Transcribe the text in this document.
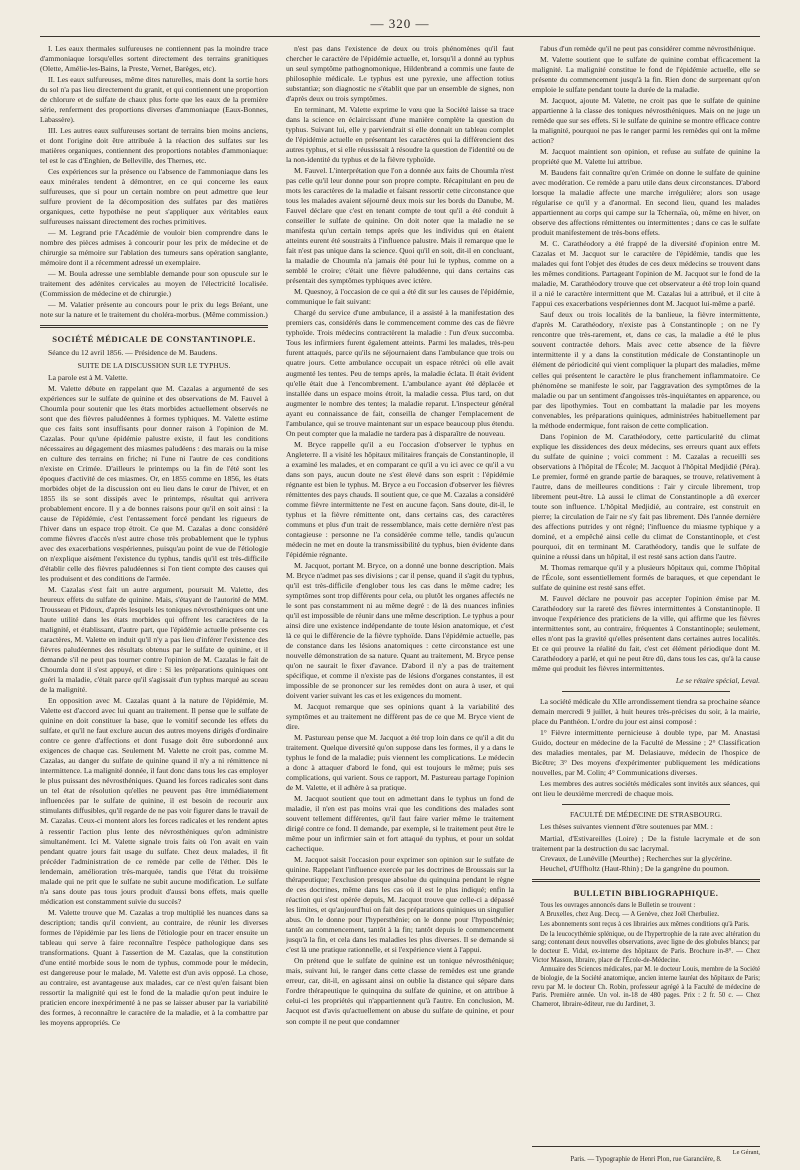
— 320 —

I. Les eaux thermales sulfureuses ne contiennent pas la moindre trace d'ammoniaque lorsqu'elles sortent directement des terrains granitiques (Olette, Amélie-les-Bains, la Preste, Vernet, Barèges, etc).

II. Les eaux sulfureuses, même dites naturelles, mais dont la sortie hors du sol n'a pas lieu directement du granit, et qui contiennent une proportion de chlorure et de sulfate de chaux plus forte que les eaux de la première série, renferment des proportions diverses d'ammoniaque (Eaux-Bonnes, Labassère).

III. Les autres eaux sulfureuses sortant de terrains bien moins anciens, et dont l'origine doit être attribuée à la réaction des sulfates sur les matières organiques, contiennent des proportions notables d'ammoniaque: tel est le cas d'Enghien, de Belleville, des Thernes, etc.

Ces expériences sur la présence ou l'absence de l'ammoniaque dans les eaux minérales tendent à démontrer, en ce qui concerne les eaux sulfureuses, que si pour un certain nombre on peut admettre que leur sulfure provient de la décomposition des sulfates par des matières organiques, cette hypothèse ne peut s'appliquer aux véritables eaux sulfureuses naissant directement des roches primitives.

— M. Legrand prie l'Académie de vouloir bien comprendre dans le nombre des pièces admises à concourir pour les prix de médecine et de chirurgie sa mémoire sur l'ablation des tumeurs sans opération sanglante, mémoire dont il a récemment adressé un exemplaire.

— M. Boula adresse une semblable demande pour son opuscule sur le traitement des adénites cervicales au moyen de l'électricité localisée. (Commission de médecine et de chirurgie.)

— M. Valatier présente au concours pour le prix du legs Bréant, une note sur la nature et le traitement du choléra-morbus. (Même commission.)

SOCIÉTÉ MÉDICALE DE CONSTANTINOPLE.

Séance du 12 avril 1856. — Présidence de M. Baudens.

SUITE DE LA DISCUSSION SUR LE TYPHUS.

La parole est à M. Valette.

M. Valette débute en rappelant que M. Cazalas a argumenté de ses expériences sur le sulfate de quinine et des observations de M. Fauvel à Choumla pour soutenir que les états morbides actuellement observés ne sont que des fièvres paludéennes à formes typhiques. M. Valette estime que ces faits sont insuffisants pour donner raison à l'opinion de M. Cazalas. Pour qu'une épidémie palustre existe, il faut les conditions nécessaires au dégagement des miasmes paludéens : des marais ou la mise en culture des terrains en friche; ni l'une ni l'autre de ces conditions n'existe en Crimée. D'ailleurs le printemps ou la fin de l'été sont les époques d'activité de ces miasmes. Or, en 1855 comme en 1856, les états morbides objet de la discussion ont eu lieu dans le cœur de l'hiver, et en 1855 ils se sont dissipés avec le printemps, résultat qui arrivera probablement encore. Il y a de bonnes raisons pour qu'il en soit ainsi : la cause de l'épidémie, c'est l'entassement forcé pendant les rigueurs de l'hiver dans un espace trop étroit. Ce que M. Cazalas a donc considéré comme fièvres d'accès n'est autre chose très probablement que le typhus avec des exacerbations vespériennes, puisqu'au point de vue de l'étiologie on n'explique aisément l'existence du typhus, tandis qu'il est très-difficile d'établir celle des fièvres paludéennes si l'on tient compte des causes qui les produisent et des conditions de l'armée.

M. Cazalas s'est fait un autre argument, poursuit M. Valette, des heureux effets du sulfate de quinine. Mais, s'étayant de l'autorité de MM. Trousseau et Pidoux, d'après lesquels les toniques névrosthéniques ont une haute utilité dans les états morbides qui offrent les caractères de la malignité, et établissant, d'autre part, que l'épidémie actuelle présente ces caractères, M. Valette en induit qu'il n'y a pas lieu d'inférer l'existence des fièvres paludéennes des résultats obtenus par le sulfate de quinine, et il demande s'il ne peut pas tourner contre l'opinion de M. Cazalas le fait de Choumla dont il s'est appuyé, et dire : Si les préparations quiniques ont guéri la maladie, c'était parce qu'il s'agissait d'un typhus marqué au sceau de la malignité.

En opposition avec M. Cazalas quant à la nature de l'épidémie, M. Valette est d'accord avec lui quant au traitement. Il pense que le sulfate de quinine en doit constituer la base, que le vomitif seconde les effets du sulfate, et qu'il ne faut exclure aucun des autres moyens dirigés d'ordinaire contre ce genre d'affections et dont l'usage doit être subordonné aux exigences de chaque cas. Seulement M. Valette ne croit pas, comme M. Cazalas, au danger du sulfate de quinine quand il n'y a ni rémittence ni intermittence. La malignité donnée, il faut donc dans tous les cas employer le plus puissant des névrosthéniques. Quand les forces radicales sont dans un tel état de résolution qu'elles ne peuvent pas être immédiatement influencées par le sulfate de quinine, il est besoin de recourir aux stimulants diffusibles, qu'il regarde de ne pas voir figurer dans le travail de M. Cazalas. Ceux-ci montent alors les forces radicales et les rendent aptes à ressentir l'action plus lente des névrosthéniques qu'on administre simultanément. Ici M. Valette signale trois faits où l'on avait en vain pendant quatre jours fait usage du sulfate. Chez deux malades, il fit précéder l'administration de ce remède par celle de l'éther. Dès le lendemain, amélioration très-marquée, tandis que l'état du troisième malade qui ne prit que le sulfate ne subit aucune modification. Le sulfate n'a sans doute pas tous jours produit d'aussi bons effets, mais quelle médication est constamment suivie du succès?

M. Valette trouve que M. Cazalas a trop multiplié les nuances dans sa description; tandis qu'il convient, au contraire, de réunir les diverses formes de l'épidémie par les liens de l'étiologie pour en tracer ensuite un tableau qui serve à faire reconnaître l'espèce pathologique dans ses transformations. Quant à l'assertion de M. Cazalas, que la constitution d'une entité morbide sous le nom de typhus, commode pour le médecin, est dangereuse pour le malade, M. Valette est d'un avis opposé. La chose, au contraire, est avantageuse aux malades, car ce n'est qu'en faisant bien ressortir la malignité qui est le fond de la maladie qu'on peut induire le praticien encore inexpérimenté à ne pas se laisser abuser par la variabilité des formes, à reconnaître le caractère de la maladie, et à la combattre par les moyens appropriés. Ce

n'est pas dans l'existence de deux ou trois phénomènes qu'il faut chercher le caractère de l'épidémie actuelle, et, lorsqu'il a donné au typhus un seul symptôme pathognomonique, Hildenbrand a commis une faute de philosophie médicale. Le typhus est une pyrexie, une affection totius substantiæ; son diagnostic ne s'établit que par un ensemble de signes, non d'après deux ou trois symptômes.

En terminant, M. Valette exprime le vœu que la Société laisse sa trace dans la science en éclaircissant d'une manière complète la question du typhus. Suivant lui, elle y parviendrait si elle donnait un tableau complet de l'épidémie actuelle en présentant les caractères qui la différencient des autres typhus, et si elle réussissait à résoudre la question de l'identité ou de la non-identité du typhus et de la fièvre typhoïde.

M. Fauvel. L'interprétation que l'on a donnée aux faits de Choumla n'est pas celle qu'il leur donne pour son propre compte. Récapitulant en peu de mots les caractères de la maladie et faisant ressortir cette circonstance que tous les malades avaient séjourné deux mois sur les bords du Danube, M. Fauvel déclare que c'est en tenant compte de tout qu'il a été conduit à conseiller le sulfate de quinine. On doit noter que la maladie ne se manifesta qu'un certain temps après que les individus qui en étaient atteints eurent été soustraits à l'influence palustre. Mais il remarque que le fait n'est pas unique dans la science. Quoi qu'il en soit, dit-il en concluant, la maladie de Choumla n'a jamais été pour lui le typhus, comme on a semblé le croire; c'était une fièvre paludéenne, qui dans certains cas présentait des symptômes typhiques avec ictère.

M. Quesnoy, à l'occasion de ce qui a été dit sur les causes de l'épidémie, communique le fait suivant:

Chargé du service d'une ambulance, il a assisté à la manifestation des premiers cas, considérés dans le commencement comme des cas de fièvre typhoïde. Trois médecins contractèrent la maladie : l'un d'eux succomba. Tous les infirmiers furent également atteints. Parmi les malades, très-peu furent attaqués, parce qu'ils ne séjournaient dans l'ambulance que trois ou quatre jours. Cette ambulance occupait un espace rétréci où elle avait augmenté les tentes. Peu de temps après, la maladie éclata. Il était évident qu'elle était due à l'encombrement. L'ambulance ayant été déplacée et installée dans un espace moins étroit, la maladie cessa. Plus tard, on dut augmenter le nombre des tentes; la maladie reparut. L'inspecteur général ayant eu connaissance de fait, conseilla de changer l'emplacement de l'ambulance, qui se trouve maintenant sur un espace beaucoup plus étendu. On peut compter que la maladie ne tardera pas à disparaître de nouveau.

M. Bryce rappelle qu'il a eu l'occasion d'observer le typhus en Angleterre. Il a visité les hôpitaux militaires français de Constantinople, il a examiné les malades, et en comparant ce qu'il a vu ici avec ce qu'il a vu dans son pays, aucun doute ne s'est élevé dans son esprit : l'épidémie régnante est bien le typhus. M. Bryce a eu l'occasion d'observer les fièvres rémittentes des pays chauds. Il soutient que, ce que M. Cazalas a considéré comme fièvre intermittente ne l'est en aucune façon. Sans doute, dit-il, le typhus et la fièvre rémittente ont, dans certains cas, des caractères communs et plus d'un trait de ressemblance, mais cette dernière n'est pas contagieuse : personne ne l'a considérée comme telle, tandis qu'aucun médecin ne met en doute la transmissibilité du typhus, bien évidente dans l'épidémie régnante.

M. Jacquot, portant M. Bryce, on a donné une bonne description. Mais M. Bryce n'admet pas ses divisions ; car il pense, quand il s'agit du typhus, qu'il est très-difficile d'englober tous les cas dans le même cadre; les symptômes sont trop différents pour cela, ou plutôt les organes affectés ne le sont pas constamment ni au même degré : de là des nuances infinies qu'il est impossible de réunir dans une même description. Le typhus a pour ainsi dire une existence indépendante de toute lésion anatomique, et c'est là ce qui le différencie de la fièvre typhoïde. Dans l'épidémie actuelle, pas de constance dans les lésions anatomiques : cette circonstance est une nouvelle démonstration de sa nature. Quant au traitement, M. Bryce pense qu'on ne saurait le fixer d'avance. D'abord il n'y a pas de traitement spécifique, et comme il n'existe pas de lésions d'organes constantes, il est impossible de se prononcer sur les remèdes dont on aura à user, et qui doivent varier suivant les cas et les exigences du moment.

M. Jacquot remarque que ses opinions quant à la variabilité des symptômes et au traitement ne diffèrent pas de ce que M. Bryce vient de dire.

M. Pastureau pense que M. Jacquot a été trop loin dans ce qu'il a dit du traitement. Quelque diversité qu'on suppose dans les formes, il y a dans le typhus le fond de la maladie; puis viennent les complications. Le médecin a donc à attaquer d'abord le fond, qui est toujours le même; puis ses complications, qui varient. Sous ce rapport, M. Pastureau partage l'opinion de M. Valette, et il adhère à sa pratique.

M. Jacquot soutient que tout en admettant dans le typhus un fond de maladie, il n'en est pas moins vrai que les conditions des malades sont souvent tellement différentes, qu'il faut faire varier même le traitement dirigé contre ce fond. Il demande, par exemple, si le traitement peut être le même pour un infirmier sain et fort attaqué du typhus, et pour un soldat cachectique.

M. Jacquot saisit l'occasion pour exprimer son opinion sur le sulfate de quinine. Rappelant l'influence exercée par les doctrines de Broussais sur la thérapeutique; l'exclusion presque absolue du quinquina pendant le règne de ces doctrines, même dans les cas où il est le plus indiqué; enfin la réaction qui s'est opérée depuis, M. Jacquot trouve que celle-ci a dépassé les limites, et qu'aujourd'hui on fait des préparations quiniques un singulier abus. On le donne pour l'hypersthénie; on le donne pour l'hyposthénie; tantôt au commencement, tantôt à la fin; tantôt depuis le commencement jusqu'à la fin, et cela dans les maladies les plus diverses. Il se demande si c'est là une pratique rationnelle, et si l'expérience vient à l'appui.

On prétend que le sulfate de quinine est un tonique névrosthénique; mais, suivant lui, le ranger dans cette classe de remèdes est une grande erreur, car, dit-il, en agissant ainsi on oublie la distance qui sépare dans l'ordre thérapeutique le quinquina du sulfate de quinine, et on attribue à celui-ci les propriétés qui n'appartiennent qu'à l'autre. En conclusion, M. Jacquot est d'avis qu'actuellement on abuse du sulfate de quinine, et pour son compte il ne peut que condamner

l'abus d'un remède qu'il ne peut pas considérer comme névrosthénique.

M. Valette soutient que le sulfate de quinine combat efficacement la malignité. La malignité constitue le fond de l'épidémie actuelle, elle se présente du commencement jusqu'à la fin. Rien donc de surprenant qu'on emploie le sulfate pendant toute la durée de la maladie.

M. Jacquot, ajoute M. Valette, ne croit pas que le sulfate de quinine appartienne à la classe des toniques névrosthéniques. Mais on ne juge un remède que sur ses effets. Si le sulfate de quinine se montre efficace contre la malignité, pourquoi ne pas le ranger parmi les remèdes qui ont la même action?

M. Jacquot maintient son opinion, et refuse au sulfate de quinine la propriété que M. Valette lui attribue.

M. Baudens fait connaître qu'en Crimée on donne le sulfate de quinine avec modération. Ce remède a paru utile dans deux circonstances. D'abord lorsque la maladie affecte une marche irrégulière; alors son usage régularise ce qu'il y a d'anormal. En second lieu, quand les malades appartiennent au corps qui campe sur la Tchernaïa, où, même en hiver, on observe des affections rémittentes ou intermittentes ; dans ce cas le sulfate produit manifestement de très-bons effets.

M. C. Carathéodory a été frappé de la diversité d'opinion entre M. Cazalas et M. Jacquot sur le caractère de l'épidémie, tandis que les malades qui font l'objet des études de ces deux médecins se trouvent dans les mêmes conditions. Partageant l'opinion de M. Jacquot sur le fond de la maladie, M. Carathéodory trouve que cet observateur a été trop loin quand il a nié le caractère intermittent que M. Cazalas lui a attribué, et il cite à l'appui ces exacerbations vespériennes dont M. Jacquot lui-même a parlé.

Sauf deux ou trois localités de la banlieue, la fièvre intermittente, d'après M. Carathéodory, n'existe pas à Constantinople ; on ne l'y rencontre que très-rarement, et, dans ce cas, la maladie a été le plus souvent contractée dehors. Mais avec cette absence de la fièvre intermittente il y a dans la constitution médicale de Constantinople un élément de périodicité qui vient compliquer la plupart des maladies, même celles qui présentent le caractère le plus franchement inflammatoire. Ce phénomène se manifeste le soir, par l'aggravation des symptômes de la maladie ou par un sentiment d'angoisses très-inquiétantes en apparence, ou par des lipothymies. Tout en combattant la maladie par les moyens convenables, les préparations quiniques, administrées habituellement par la méthode endermique, font raison de cette complication.

Dans l'opinion de M. Carathéodory, cette particularité du climat explique les dissidences des deux médecins, ses erreurs quant aux effets du sulfate de quinine ; voici comment : M. Cazalas a recueilli ses observations à l'hôpital de l'École; M. Jacquot à l'hôpital Medjidié (Péra). Le premier, formé en grande partie de baraques, se trouve, relativement à l'autre, dans de meilleures conditions : l'air y circule librement, trop librement peut-être. Là aussi le climat de Constantinople a dû exercer toute son influence. L'hôpital Medjidié, au contraire, est construit en pierre; la circulation de l'air ne s'y fait pas librement. Dès l'année dernière des affections putrides y ont régné; l'influence du miasme typhique y a dominé, et a empêché ainsi celle du climat de Constantinople, et c'est pourquoi, dit en terminant M. Carathéodory, tandis que le sulfate de quinine a réussi dans un hôpital, il est resté sans action dans l'autre.

M. Thomas remarque qu'il y a plusieurs hôpitaux qui, comme l'hôpital de l'École, sont essentiellement formés de baraques, et que cependant le sulfate de quinine est resté sans effet.

M. Fauvel déclare ne pouvoir pas accepter l'opinion émise par M. Carathéodory sur la rareté des fièvres intermittentes à Constantinople. Il invoque l'expérience des praticiens de la ville, qui affirme que les fièvres intermittentes sont, au contraire, fréquentes à Constantinople; seulement, elles n'ont pas la gravité qu'elles présentent dans certaines autres localités. Et ce qui prouve la réalité du fait, c'est cet élément périodique dont M. Carathéodory a parlé, et qui ne peut être dû, dans tous les cas, qu'à la cause même qui produit les fièvres intermittentes.

Le se rétaire spécial, Leval.

La société médicale du XIIe arrondissement tiendra sa prochaine séance demain mercredi 9 juillet, à huit heures très-précises du soir, à la mairie, place du Panthéon. L'ordre du jour est ainsi composé :

1° Fièvre intermittente pernicieuse à double type, par M. Anastasi Guido, docteur en médecine de la Faculté de Messine ; 2° Classification des maladies mentales, par M. Delasiauve, médecin de l'hospice de Bicêtre; 3° Des moyens d'expérimenter publiquement les médications nouvelles, par M. Colin; 4° Communications diverses.

Les membres des autres sociétés médicales sont invités aux séances, qui ont lieu le deuxième mercredi de chaque mois.

FACULTÉ DE MÉDECINE DE STRASBOURG.

Les thèses suivantes viennent d'être soutenues par MM. :

Martial, d'Estivareilles (Loire) ; De la fistule lacrymale et de son traitement par la destruction du sac lacrymal.
Crevaux, de Lunéville (Meurthe) ; Recherches sur la glycérine.
Heuchel, d'Uffholtz (Haut-Rhin) ; De la gangrène du poumon.
BULLETIN BIBLIOGRAPHIQUE.

Tous les ouvrages annoncés dans le Bulletin se trouvent :

A Bruxelles, chez Aug. Decq. — A Genève, chez Joël Cherbuliez.

Les abonnements sont reçus à ces librairies aux mêmes conditions qu'à Paris.

De la leucocythémie splénique, ou de l'hypertrophie de la rate avec altération du sang; contenant deux nouvelles observations, avec ligne de des globules blancs; par le docteur E. Vidal, ex-interne des hôpitaux de Paris. Brochure in-8°. — Chez Victor Masson, libraire, place de l'École-de-Médecine.

Annuaire des Sciences médicales, par M. le docteur Louis, membre de la Société de biologie, de la Société anatomique, ancien interne lauréat des hôpitaux de Paris; revu par M. le docteur Ch. Robin, professeur agrégé à la Faculté de médecine de Paris. Première année. Un vol. in-18 de 480 pages. Prix : 2 fr. 50 c. — Chez Chamerot, libraire-éditeur, rue du Jardinet, 3.

Le Gérant,
Paris. — Typographie de Henri Plon, rue Garancière, 8.
